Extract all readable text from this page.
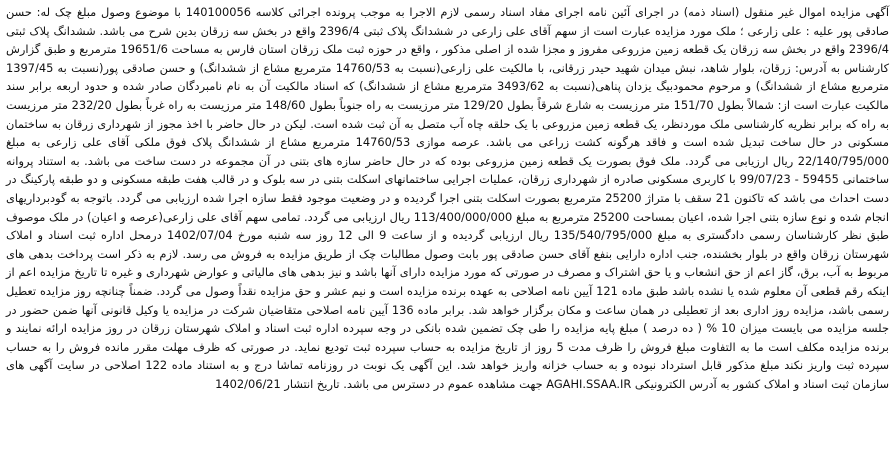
آگهی مزایده اموال غیر منقول (اسناد ذمه) در اجرای آئین نامه اجرای مفاد اسناد رسمی لازم الاجرا به موجب پرونده اجرائی کلاسه 140100056 با موضوع وصول مبلغ چک له: حسن صادقی پور علیه : علی زارعی ؛ ملک مورد مزایده عبارت است از سهم آقای علی زارعی در ششدانگ پلاک ثبتی 2396/4 واقع در بخش سه زرقان بدین شرح می باشد. ششدانگ پلاک ثبتی 2396/4 واقع در بخش سه زرقان یک قطعه زمین مزروعی مفروز و مجزا شده از اصلی مذکور ، واقع در حوزه ثبت ملک زرقان استان فارس به مساحت 19651/6 مترمربع و طبق گزارش کارشناس به آدرس: زرقان، بلوار شاهد، نبش میدان شهید حیدر زرقانی، با مالکیت علی زارعی(نسبت به 14760/53 مترمربع مشاع از ششدانگ) و حسن صادقی پور(نسبت به 1397/45 مترمربع مشاع از ششدانگ) و مرحوم محمودبیگ یزدان پناهی(نسبت به 3493/62 مترمربع مشاع از ششدانگ) که اسناد مالکیت آن به نام نامبردگان صادر شده و حدود اربعه برابر سند مالکیت عبارت است از: شمالاً بطول 151/70 متر مرزیست به شارع شرقاً بطول 129/20 متر مرزیست به راه جنوباً بطول 148/60 متر مرزیست به راه غرباً بطول 232/20 متر مرزیست به راه که برابر نظریه کارشناسی ملک موردنظر، یک قطعه زمین مزروعی با یک حلقه چاه آب متصل به آن ثبت شده است. لیکن در حال حاضر با اخذ مجوز از شهرداری زرقان به ساختمان مسکونی در حال ساخت تبدیل شده است و فاقد هرگونه کشت زراعی می باشد. عرصه موازی 14760/53 مترمربع مشاع از ششدانگ پلاک فوق ملکی آقای علی زارعی به مبلغ 22/140/795/000 ریال ارزیابی می گردد. ملک فوق بصورت یک قطعه زمین مزروعی بوده که در حال حاضر سازه های بتنی در آن مجموعه در دست ساخت می باشد. به استناد پروانه ساختمانی 59455 - 99/07/23 با کاربری مسکونی صادره از شهرداری زرقان، عملیات اجرایی ساختمانهای اسکلت بتنی در سه بلوک و در قالب هفت طبقه مسکونی و دو طبقه پارکینگ در دست احداث می باشد که تاکنون 21 سقف با متراژ 25200 مترمربع بصورت اسکلت بتنی اجرا گردیده و در وضعیت موجود فقط سازه اجرا شده ارزیابی می گردد. باتوجه به گودبرداریهای انجام شده و نوع سازه بتنی اجرا شده، اعیان بمساحت 25200 مترمربع به مبلغ 113/400/000/000 ریال ارزیابی می گردد. تمامی سهم آقای علی زارعی(عرصه و اعیان) در ملک موصوف طبق نظر کارشناسان رسمی دادگستری به مبلغ 135/540/795/000 ریال ارزیابی گردیده و از ساعت 9 الی 12 روز سه شنبه مورخ 1402/07/04 درمحل اداره ثبت اسناد و املاک شهرستان زرقان واقع در بلوار بخشنده، جنب اداره دارایی بنفع آقای حسن صادقی پور بابت وصول مطالبات چک از طریق مزایده به فروش می رسد. لازم به ذکر است پرداخت بدهی های مربوط به آب، برق، گاز اعم از حق انشعاب و یا حق اشتراک و مصرف در صورتی که مورد مزایده دارای آنها باشد و نیز بدهی های مالیاتی و عوارض شهرداری و غیره تا تاریخ مزایده اعم از اینکه رقم قطعی آن معلوم شده یا نشده باشد طبق ماده 121 آیین نامه اصلاحی به عهده برنده مزایده است و نیم عشر و حق مزایده نقداً وصول می گردد. ضمناً چنانچه روز مزایده تعطیل رسمی باشد، مزایده روز اداری بعد از تعطیلی در همان ساعت و مکان برگزار خواهد شد. برابر ماده 136 آیین نامه اصلاحی متقاضیان شرکت در مزایده یا وکیل قانونی آنها ضمن حضور در جلسه مزایده می بایست میزان 10 % ( ده درصد ) مبلغ پایه مزایده را طی چک تضمین شده بانکی در وجه سپرده اداره ثبت اسناد و املاک شهرستان زرقان در روز مزایده ارائه نمایند و برنده مزایده مکلف است ما به التفاوت مبلغ فروش را ظرف مدت 5 روز از تاریخ مزایده به حساب سپرده ثبت تودیع نماید. در صورتی که ظرف مهلت مقرر مانده فروش را به حساب سپرده ثبت واریز نکند مبلغ مذکور قابل استرداد نبوده و به حساب خزانه واریز خواهد شد. این آگهی یک نوبت در روزنامه تماشا درج و به استناد ماده 122 اصلاحی در سایت آگهی های سازمان ثبت اسناد و املاک کشور به آدرس الکترونیکی AGAHI.SSAA.IR جهت مشاهده عموم در دسترس می باشد. تاریخ انتشار 1402/06/21
